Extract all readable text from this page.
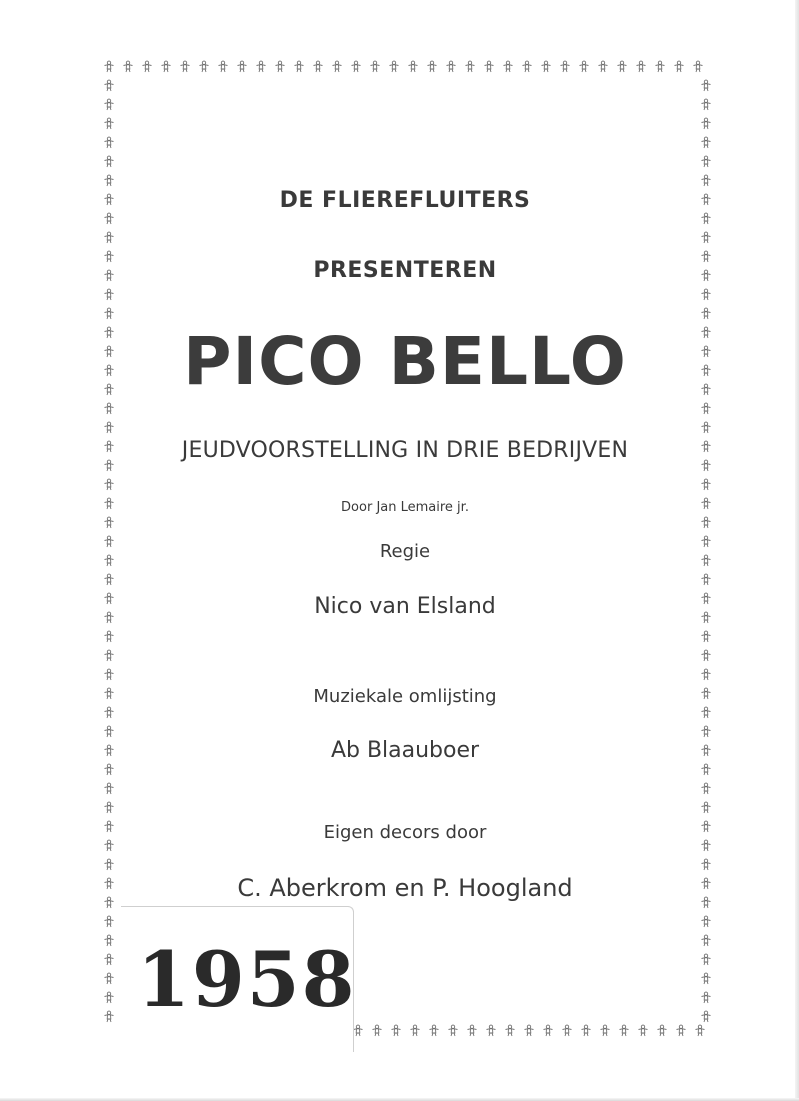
DE FLIEREFLUITERS
PRESENTEREN
PICO BELLO
JEUDVOORSTELLING IN DRIE BEDRIJVEN
Door Jan Lemaire jr.
Regie
Nico van Elsland
Muziekale omlijsting
Ab Blaauboer
Eigen decors door
C. Aberkrom en P. Hoogland
1958
